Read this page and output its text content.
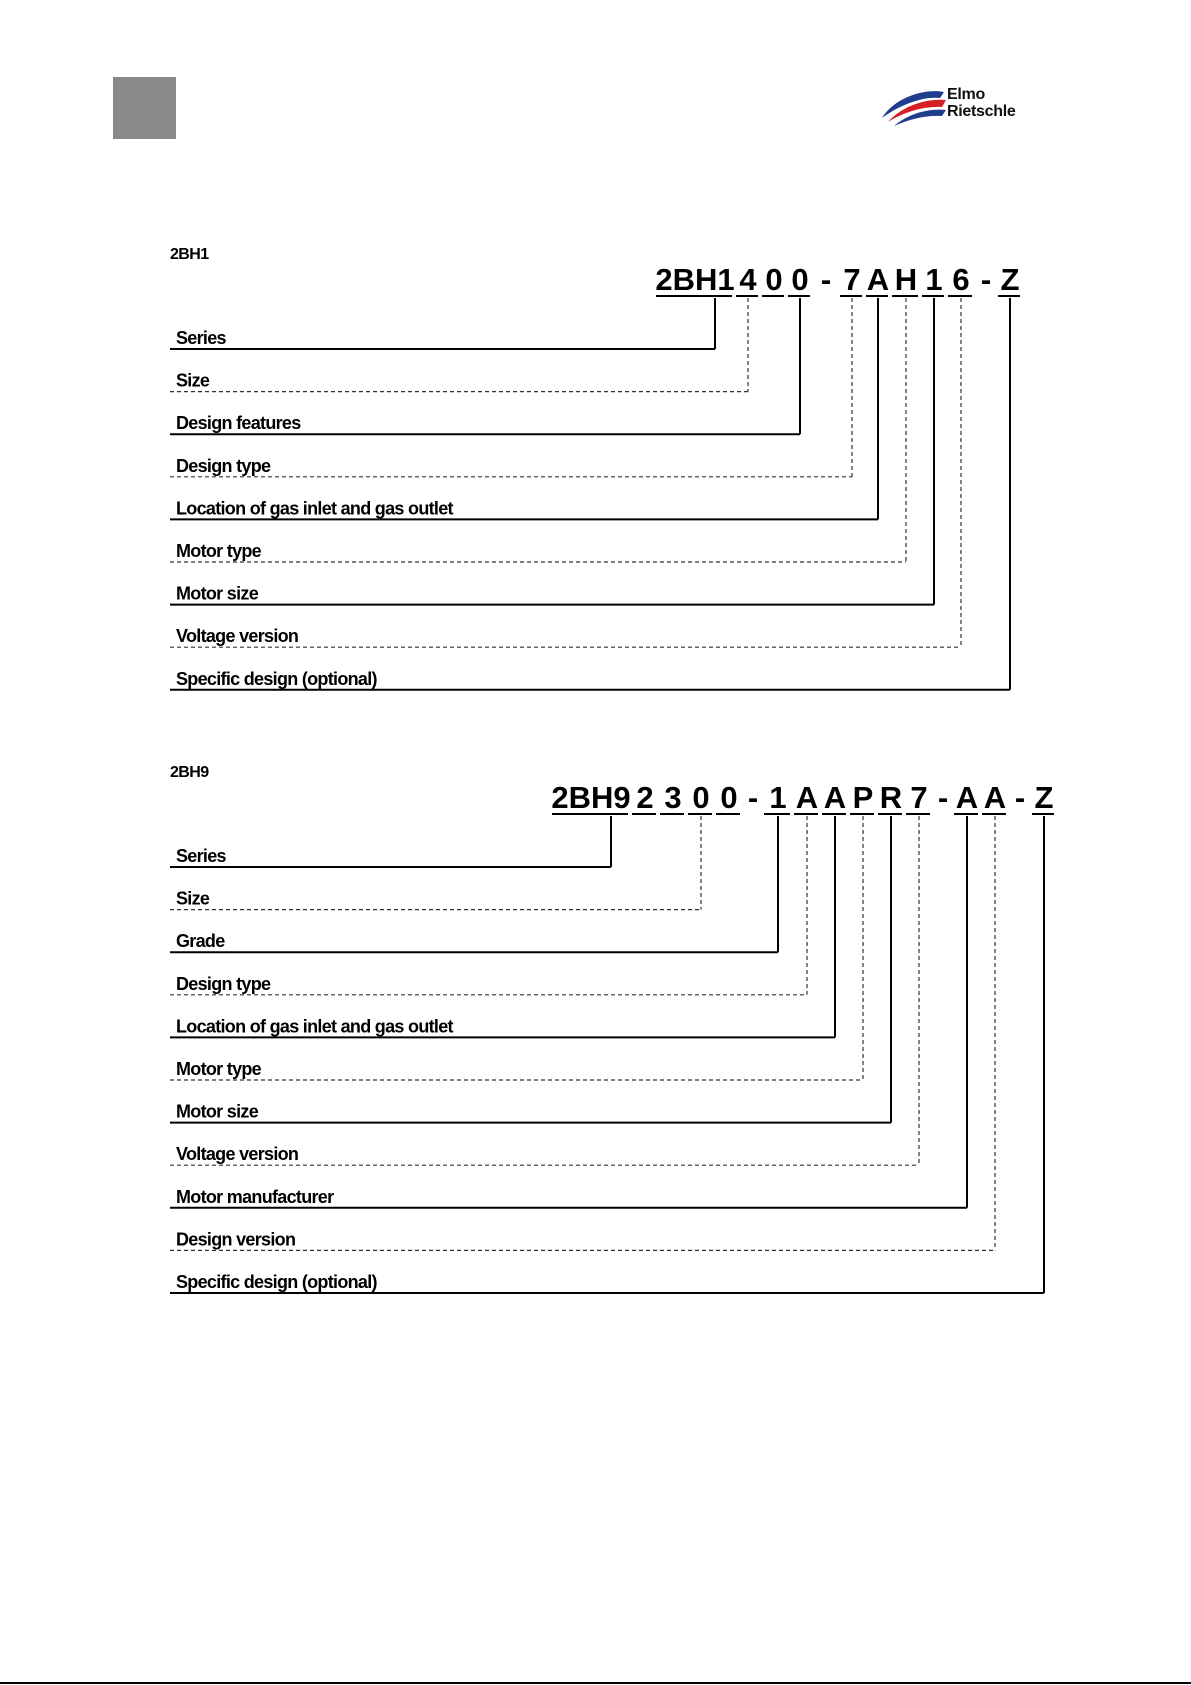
Elmo
Rietschle
2BH1
2BH9
2BH1 4 0 0 - 7 A H 1 6 - Z
Series
Size
Design features
Design type
Location of gas inlet and gas outlet
Motor type
Motor size
Voltage version
Specific design (optional)
2BH9 2 3 0 0 - 1 A A P R 7 - A A - Z
Series
Size
Grade
Design type
Location of gas inlet and gas outlet
Motor type
Motor size
Voltage version
Motor manufacturer
Design version
Specific design (optional)
